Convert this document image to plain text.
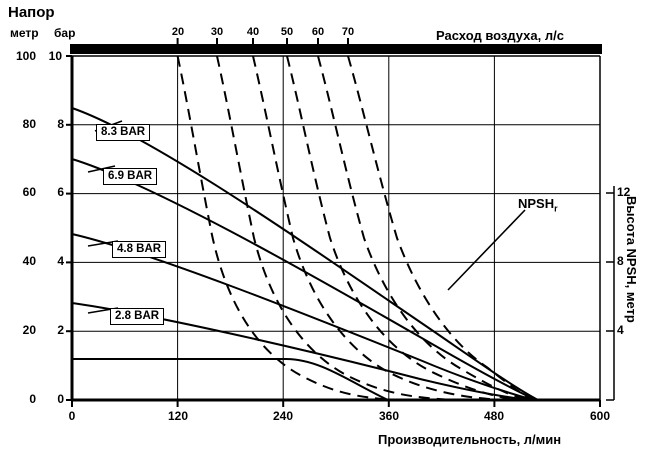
Напор
метр бар	Расход воздуха, л/с
Производительность, л/мин
Высота NPSH, метр
0
20
40
60
80
100
0
2
4
6
8
10
0	120	240	360	480	600
20	30	40	50	60	70
12
8
4
8.3 BAR
6.9 BAR
4.8 BAR
2.8 BAR
$NPSH_r$
